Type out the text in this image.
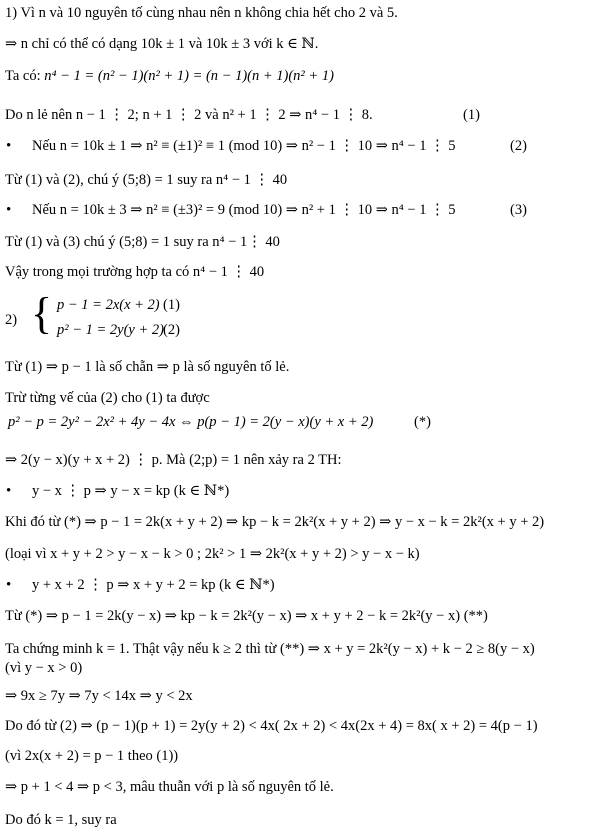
1) Vì n và 10 nguyên tố cùng nhau nên n không chia hết cho 2 và 5.
⇒ n chỉ có thể có dạng 10k ± 1 và 10k ± 3 với k ∈ ℕ.
Ta có: n⁴ − 1 = (n² − 1)(n² + 1) = (n − 1)(n + 1)(n² + 1)
Do n lẻ nên n − 1 ⋮ 2; n + 1 ⋮ 2 và n² + 1 ⋮ 2 ⇒ n⁴ − 1 ⋮ 8.	(1)
• Nếu n = 10k ± 1 ⇒ n² ≡ (±1)² ≡ 1 (mod 10) ⇒ n² − 1 ⋮ 10 ⇒ n⁴ − 1 ⋮ 5	(2)
Từ (1) và (2), chú ý (5;8) = 1 suy ra n⁴ − 1 ⋮ 40
• Nếu n = 10k ± 3 ⇒ n² ≡ (±3)² = 9 (mod 10) ⇒ n² + 1 ⋮ 10 ⇒ n⁴ − 1 ⋮ 5	(3)
Từ (1) và (3) chú ý (5;8) = 1 suy ra n⁴ − 1⋮ 40
Vậy trong mọi trường hợp ta có n⁴ − 1 ⋮ 40
2) { p − 1 = 2x(x + 2) (1)
p² − 1 = 2y(y + 2) (2)
Từ (1) ⇒ p − 1 là số chẵn ⇒ p là số nguyên tố lẻ.
Trừ từng vế của (2) cho (1) ta được
p² − p = 2y² − 2x² + 4y − 4x ⇔ p(p − 1) = 2(y − x)(y + x + 2)	(*)
⇒ 2(y − x)(y + x + 2) ⋮ p. Mà (2;p) = 1 nên xảy ra 2 TH:
• y − x ⋮ p ⇒ y − x = kp (k ∈ ℕ*)
Khi đó từ (*) ⇒ p − 1 = 2k(x + y + 2) ⇒ kp − k = 2k²(x + y + 2) ⇒ y − x − k = 2k²(x + y + 2)
(loại vì x + y + 2 > y − x − k > 0 ; 2k² > 1 ⇒ 2k²(x + y + 2) > y − x − k)
• y + x + 2 ⋮ p ⇒ x + y + 2 = kp (k ∈ ℕ*)
Từ (*) ⇒ p − 1 = 2k(y − x) ⇒ kp − k = 2k²(y − x) ⇒ x + y + 2 − k = 2k²(y − x) (**)
Ta chứng minh k = 1. Thật vậy nếu k ≥ 2 thì từ (**) ⇒ x + y = 2k²(y − x) + k − 2 ≥ 8(y − x)
(vì y − x > 0)
⇒ 9x ≥ 7y ⇒ 7y < 14x ⇒ y < 2x
Do đó từ (2) ⇒ (p − 1)(p + 1) = 2y(y + 2) < 4x( 2x + 2) < 4x(2x + 4) = 8x( x + 2) = 4(p − 1)
(vì 2x(x + 2) = p − 1 theo (1))
⇒ p + 1 < 4 ⇒ p < 3, mâu thuẫn với p là số nguyên tố lẻ.
Do đó k = 1, suy ra
